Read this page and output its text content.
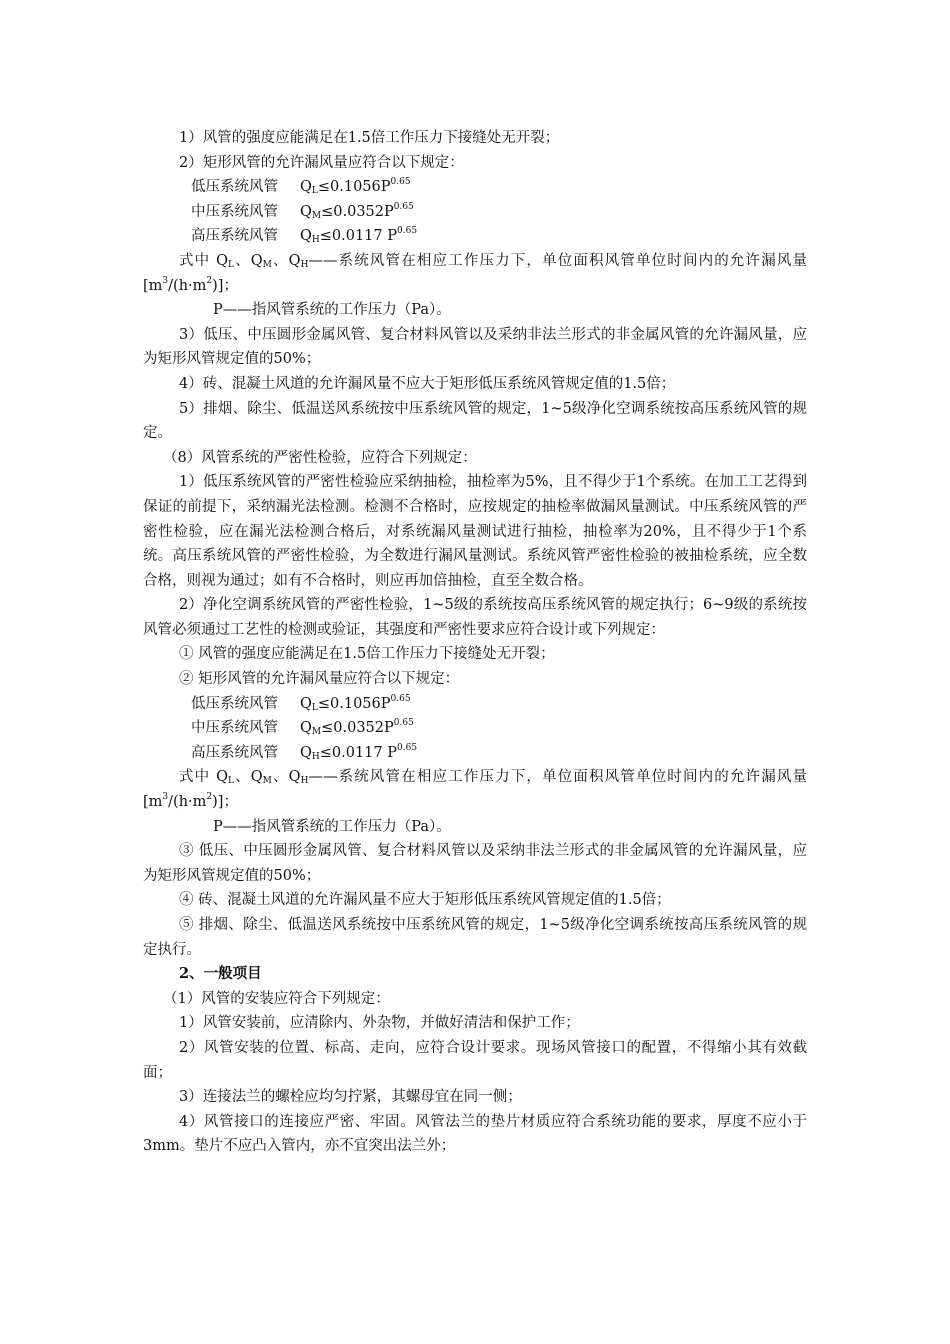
1）风管的强度应能满足在1.5倍工作压力下接缝处无开裂；

2）矩形风管的允许漏风量应符合以下规定：

低压系统风管 $Q_L\le 0.1056P^{0.65}$

中压系统风管 $Q_M\le 0.0352P^{0.65}$

高压系统风管 $Q_H\le 0.0117$ $P^{0.65}$

式中 $Q_L$、$Q_M$、$Q_H——$系统风管在相应工作压力下，单位面积风管单位时间内的允许漏风量$[m^3/(h\cdot m^2)]$；

P——指风管系统的工作压力（Pa）。

3）低压、中压圆形金属风管、复合材料风管以及采纳非法兰形式的非金属风管的允许漏风量，应为矩形风管规定值的50%；

4）砖、混凝土风道的允许漏风量不应大于矩形低压系统风管规定值的1.5倍；

5）排烟、除尘、低温送风系统按中压系统风管的规定，1~5级净化空调系统按高压系统风管的规定。

（8）风管系统的严密性检验，应符合下列规定：

1）低压系统风管的严密性检验应采纳抽检，抽检率为5%，且不得少于1个系统。在加工工艺得到保证的前提下，采纳漏光法检测。检测不合格时，应按规定的抽检率做漏风量测试。中压系统风管的严密性检验，应在漏光法检测合格后，对系统漏风量测试进行抽检，抽检率为20%，且不得少于1个系统。高压系统风管的严密性检验，为全数进行漏风量测试。系统风管严密性检验的被抽检系统，应全数合格，则视为通过；如有不合格时，则应再加倍抽检，直至全数合格。

2）净化空调系统风管的严密性检验，1~5级的系统按高压系统风管的规定执行；6~9级的系统按风管必须通过工艺性的检测或验证，其强度和严密性要求应符合设计或下列规定：

① 风管的强度应能满足在1.5倍工作压力下接缝处无开裂；

② 矩形风管的允许漏风量应符合以下规定：

低压系统风管 $Q_L\le 0.1056P^{0.65}$

中压系统风管 $Q_M\le 0.0352P^{0.65}$

高压系统风管 $Q_H\le 0.0117$ $P^{0.65}$

式中 $Q_L$、$Q_M$、$Q_H——$系统风管在相应工作压力下，单位面积风管单位时间内的允许漏风量$[m^3/(h\cdot m^2)]$；

P——指风管系统的工作压力（Pa）。

③ 低压、中压圆形金属风管、复合材料风管以及采纳非法兰形式的非金属风管的允许漏风量，应为矩形风管规定值的50%；

④ 砖、混凝土风道的允许漏风量不应大于矩形低压系统风管规定值的1.5倍；

⑤ 排烟、除尘、低温送风系统按中压系统风管的规定，1~5级净化空调系统按高压系统风管的规定执行。

2、一般项目

（1）风管的安装应符合下列规定：

1）风管安装前，应清除内、外杂物，并做好清洁和保护工作；

2）风管安装的位置、标高、走向，应符合设计要求。现场风管接口的配置，不得缩小其有效截面；

3）连接法兰的螺栓应均匀拧紧，其螺母宜在同一侧；

4）风管接口的连接应严密、牢固。风管法兰的垫片材质应符合系统功能的要求，厚度不应小于3mm。垫片不应凸入管内，亦不宜突出法兰外；
